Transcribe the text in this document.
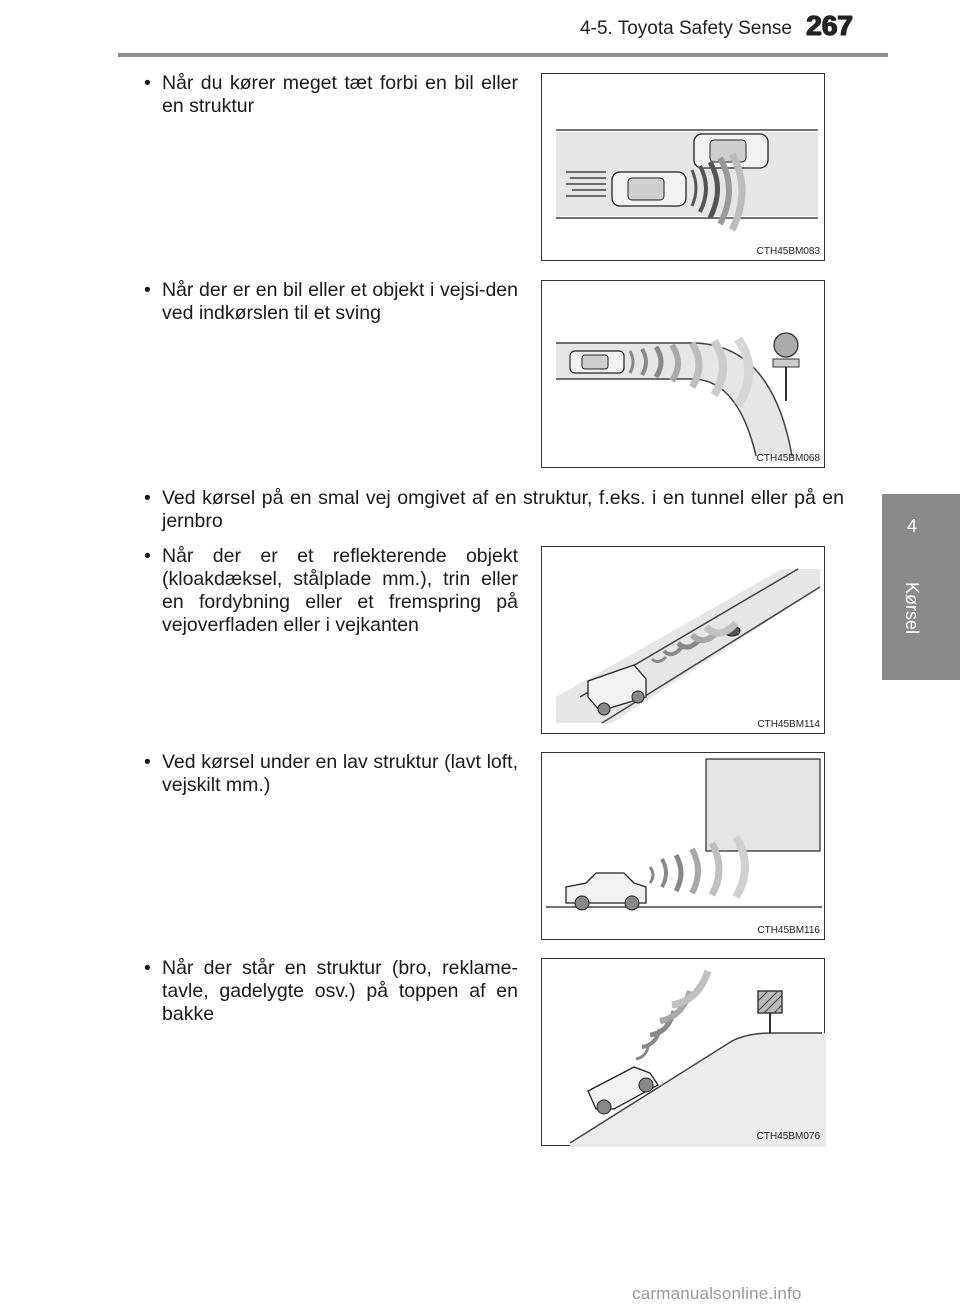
4-5. Toyota Safety Sense 267
4
Kørsel
• Når du kører meget tæt forbi en bil eller en struktur
CTH45BM083
• Når der er en bil eller et objekt i vejsi-den ved indkørslen til et sving
CTH45BM068
• Ved kørsel på en smal vej omgivet af en struktur, f.eks. i en tunnel eller på en jernbro
• Når der er et reflekterende objekt (kloakdæksel, stålplade mm.), trin eller en fordybning eller et fremspring på vejoverfladen eller i vejkanten
CTH45BM114
• Ved kørsel under en lav struktur (lavt loft, vejskilt mm.)
CTH45BM116
• Når der står en struktur (bro, reklame-tavle, gadelygte osv.) på toppen af en bakke
CTH45BM076
carmanualsonline.info
